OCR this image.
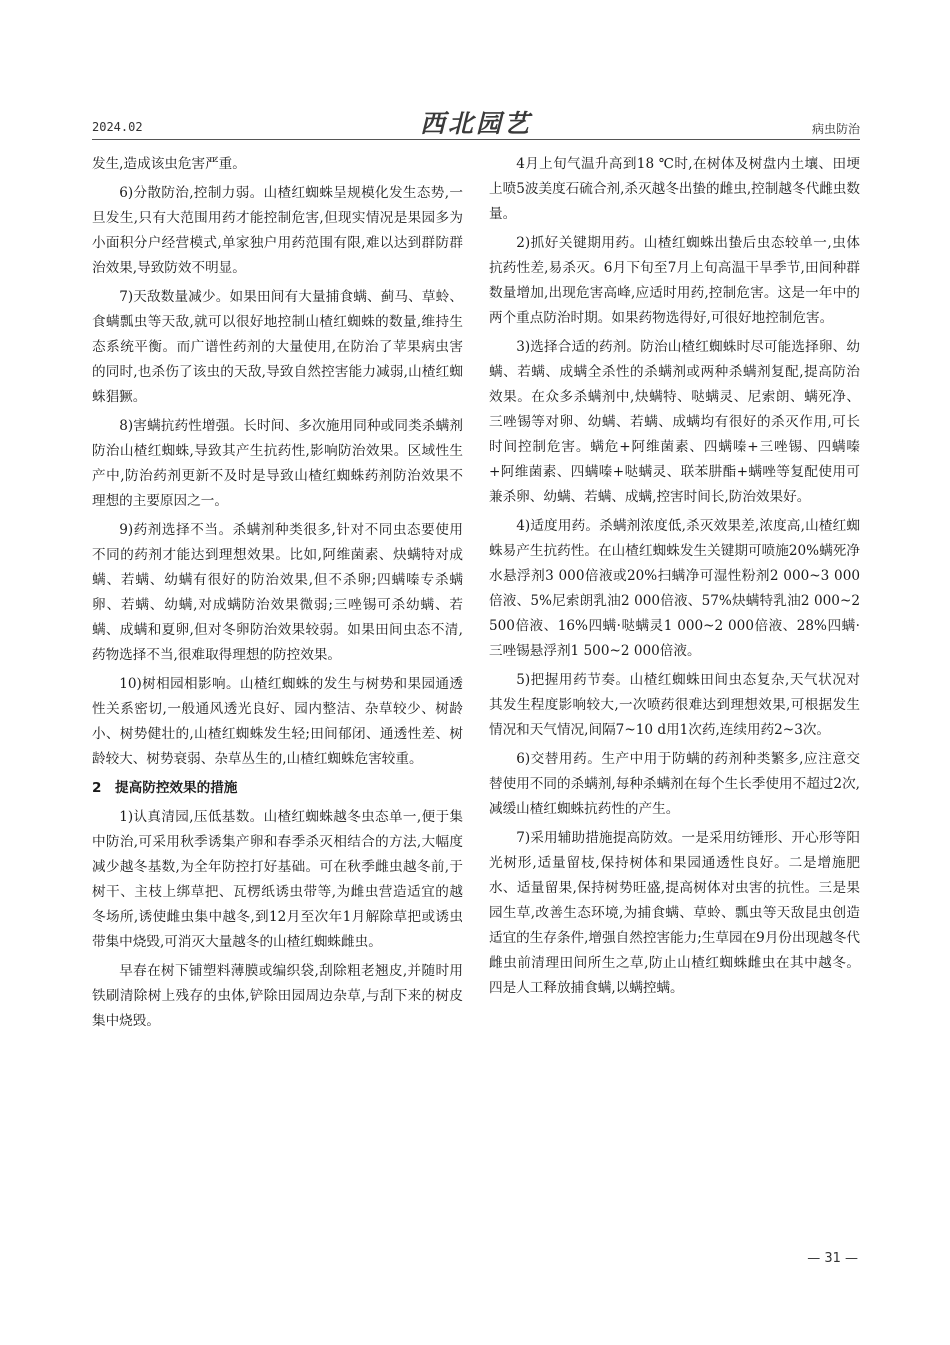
2024.02	西北园艺	病虫防治

发生,造成该虫危害严重。

6)分散防治,控制力弱。山楂红蜘蛛呈规模化发生态势,一旦发生,只有大范围用药才能控制危害,但现实情况是果园多为小面积分户经营模式,单家独户用药范围有限,难以达到群防群治效果,导致防效不明显。

7)天敌数量减少。如果田间有大量捕食螨、蓟马、草蛉、食螨瓢虫等天敌,就可以很好地控制山楂红蜘蛛的数量,维持生态系统平衡。而广谱性药剂的大量使用,在防治了苹果病虫害的同时,也杀伤了该虫的天敌,导致自然控害能力减弱,山楂红蜘蛛猖獗。

8)害螨抗药性增强。长时间、多次施用同种或同类杀螨剂防治山楂红蜘蛛,导致其产生抗药性,影响防治效果。区域性生产中,防治药剂更新不及时是导致山楂红蜘蛛药剂防治效果不理想的主要原因之一。

9)药剂选择不当。杀螨剂种类很多,针对不同虫态要使用不同的药剂才能达到理想效果。比如,阿维菌素、炔螨特对成螨、若螨、幼螨有很好的防治效果,但不杀卵;四螨嗪专杀螨卵、若螨、幼螨,对成螨防治效果微弱;三唑锡可杀幼螨、若螨、成螨和夏卵,但对冬卵防治效果较弱。如果田间虫态不清,药物选择不当,很难取得理想的防控效果。

10)树相园相影响。山楂红蜘蛛的发生与树势和果园通透性关系密切,一般通风透光良好、园内整洁、杂草较少、树龄小、树势健壮的,山楂红蜘蛛发生轻;田间郁闭、通透性差、树龄较大、树势衰弱、杂草丛生的,山楂红蜘蛛危害较重。

2　提高防控效果的措施

1)认真清园,压低基数。山楂红蜘蛛越冬虫态单一,便于集中防治,可采用秋季诱集产卵和春季杀灭相结合的方法,大幅度减少越冬基数,为全年防控打好基础。可在秋季雌虫越冬前,于树干、主枝上绑草把、瓦楞纸诱虫带等,为雌虫营造适宜的越冬场所,诱使雌虫集中越冬,到12月至次年1月解除草把或诱虫带集中烧毁,可消灭大量越冬的山楂红蜘蛛雌虫。

早春在树下铺塑料薄膜或编织袋,刮除粗老翘皮,并随时用铁刷清除树上残存的虫体,铲除田园周边杂草,与刮下来的树皮集中烧毁。

4月上旬气温升高到18 ℃时,在树体及树盘内土壤、田埂上喷5波美度石硫合剂,杀灭越冬出蛰的雌虫,控制越冬代雌虫数量。

2)抓好关键期用药。山楂红蜘蛛出蛰后虫态较单一,虫体抗药性差,易杀灭。6月下旬至7月上旬高温干旱季节,田间种群数量增加,出现危害高峰,应适时用药,控制危害。这是一年中的两个重点防治时期。如果药物选得好,可很好地控制危害。

3)选择合适的药剂。防治山楂红蜘蛛时尽可能选择卵、幼螨、若螨、成螨全杀性的杀螨剂或两种杀螨剂复配,提高防治效果。在众多杀螨剂中,炔螨特、哒螨灵、尼索朗、螨死净、三唑锡等对卵、幼螨、若螨、成螨均有很好的杀灭作用,可长时间控制危害。螨危+阿维菌素、四螨嗪+三唑锡、四螨嗪+阿维菌素、四螨嗪+哒螨灵、联苯肼酯+螨唑等复配使用可兼杀卵、幼螨、若螨、成螨,控害时间长,防治效果好。

4)适度用药。杀螨剂浓度低,杀灭效果差,浓度高,山楂红蜘蛛易产生抗药性。在山楂红蜘蛛发生关键期可喷施20%螨死净水悬浮剂3 000倍液或20%扫螨净可湿性粉剂2 000~3 000倍液、5%尼索朗乳油2 000倍液、57%炔螨特乳油2 000~2 500倍液、16%四螨·哒螨灵1 000~2 000倍液、28%四螨·三唑锡悬浮剂1 500~2 000倍液。

5)把握用药节奏。山楂红蜘蛛田间虫态复杂,天气状况对其发生程度影响较大,一次喷药很难达到理想效果,可根据发生情况和天气情况,间隔7~10 d用1次药,连续用药2~3次。

6)交替用药。生产中用于防螨的药剂种类繁多,应注意交替使用不同的杀螨剂,每种杀螨剂在每个生长季使用不超过2次,减缓山楂红蜘蛛抗药性的产生。

7)采用辅助措施提高防效。一是采用纺锤形、开心形等阳光树形,适量留枝,保持树体和果园通透性良好。二是增施肥水、适量留果,保持树势旺盛,提高树体对虫害的抗性。三是果园生草,改善生态环境,为捕食螨、草蛉、瓢虫等天敌昆虫创造适宜的生存条件,增强自然控害能力;生草园在9月份出现越冬代雌虫前清理田间所生之草,防止山楂红蜘蛛雌虫在其中越冬。四是人工释放捕食螨,以螨控螨。

— 31 —
